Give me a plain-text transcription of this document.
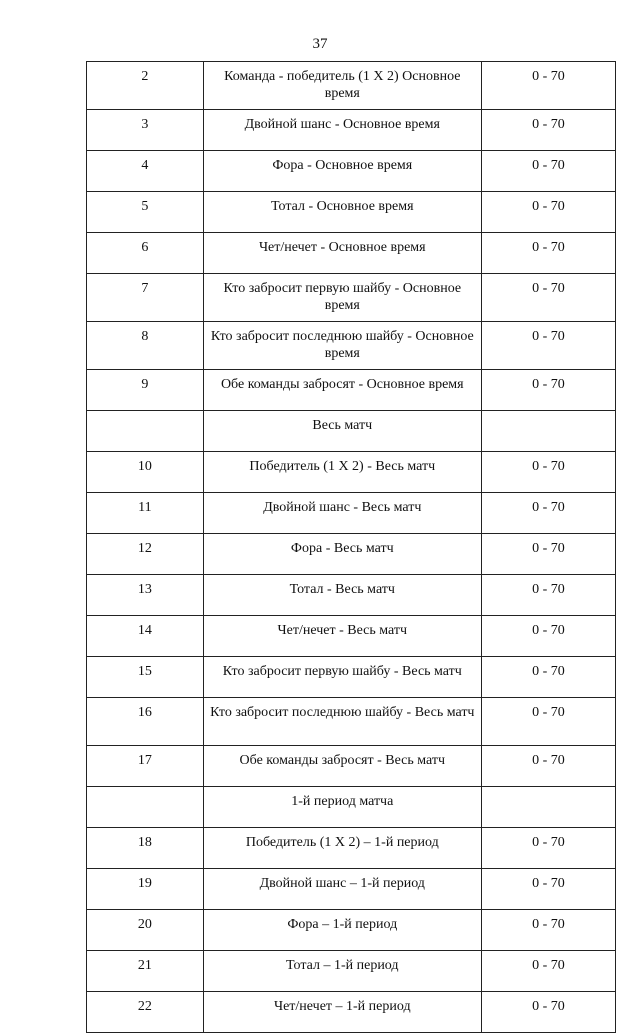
37
2	Команда - победитель (1 Х 2) Основное время	0 - 70
3	Двойной шанс - Основное время	0 - 70
4	Фора - Основное время	0 - 70
5	Тотал - Основное время	0 - 70
6	Чет/нечет - Основное время	0 - 70
7	Кто забросит первую шайбу - Основное время	0 - 70
8	Кто забросит последнюю шайбу - Основное время	0 - 70
9	Обе команды забросят - Основное время	0 - 70
	Весь матч	
10	Победитель (1 Х 2) - Весь матч	0 - 70
11	Двойной шанс - Весь матч	0 - 70
12	Фора - Весь матч	0 - 70
13	Тотал - Весь матч	0 - 70
14	Чет/нечет - Весь матч	0 - 70
15	Кто забросит первую шайбу - Весь матч	0 - 70
16	Кто забросит последнюю шайбу - Весь матч	0 - 70
17	Обе команды забросят - Весь матч	0 - 70
	1-й период матча	
18	Победитель (1 Х 2) – 1-й период	0 - 70
19	Двойной шанс – 1-й период	0 - 70
20	Фора – 1-й период	0 - 70
21	Тотал – 1-й период	0 - 70
22	Чет/нечет – 1-й период	0 - 70
